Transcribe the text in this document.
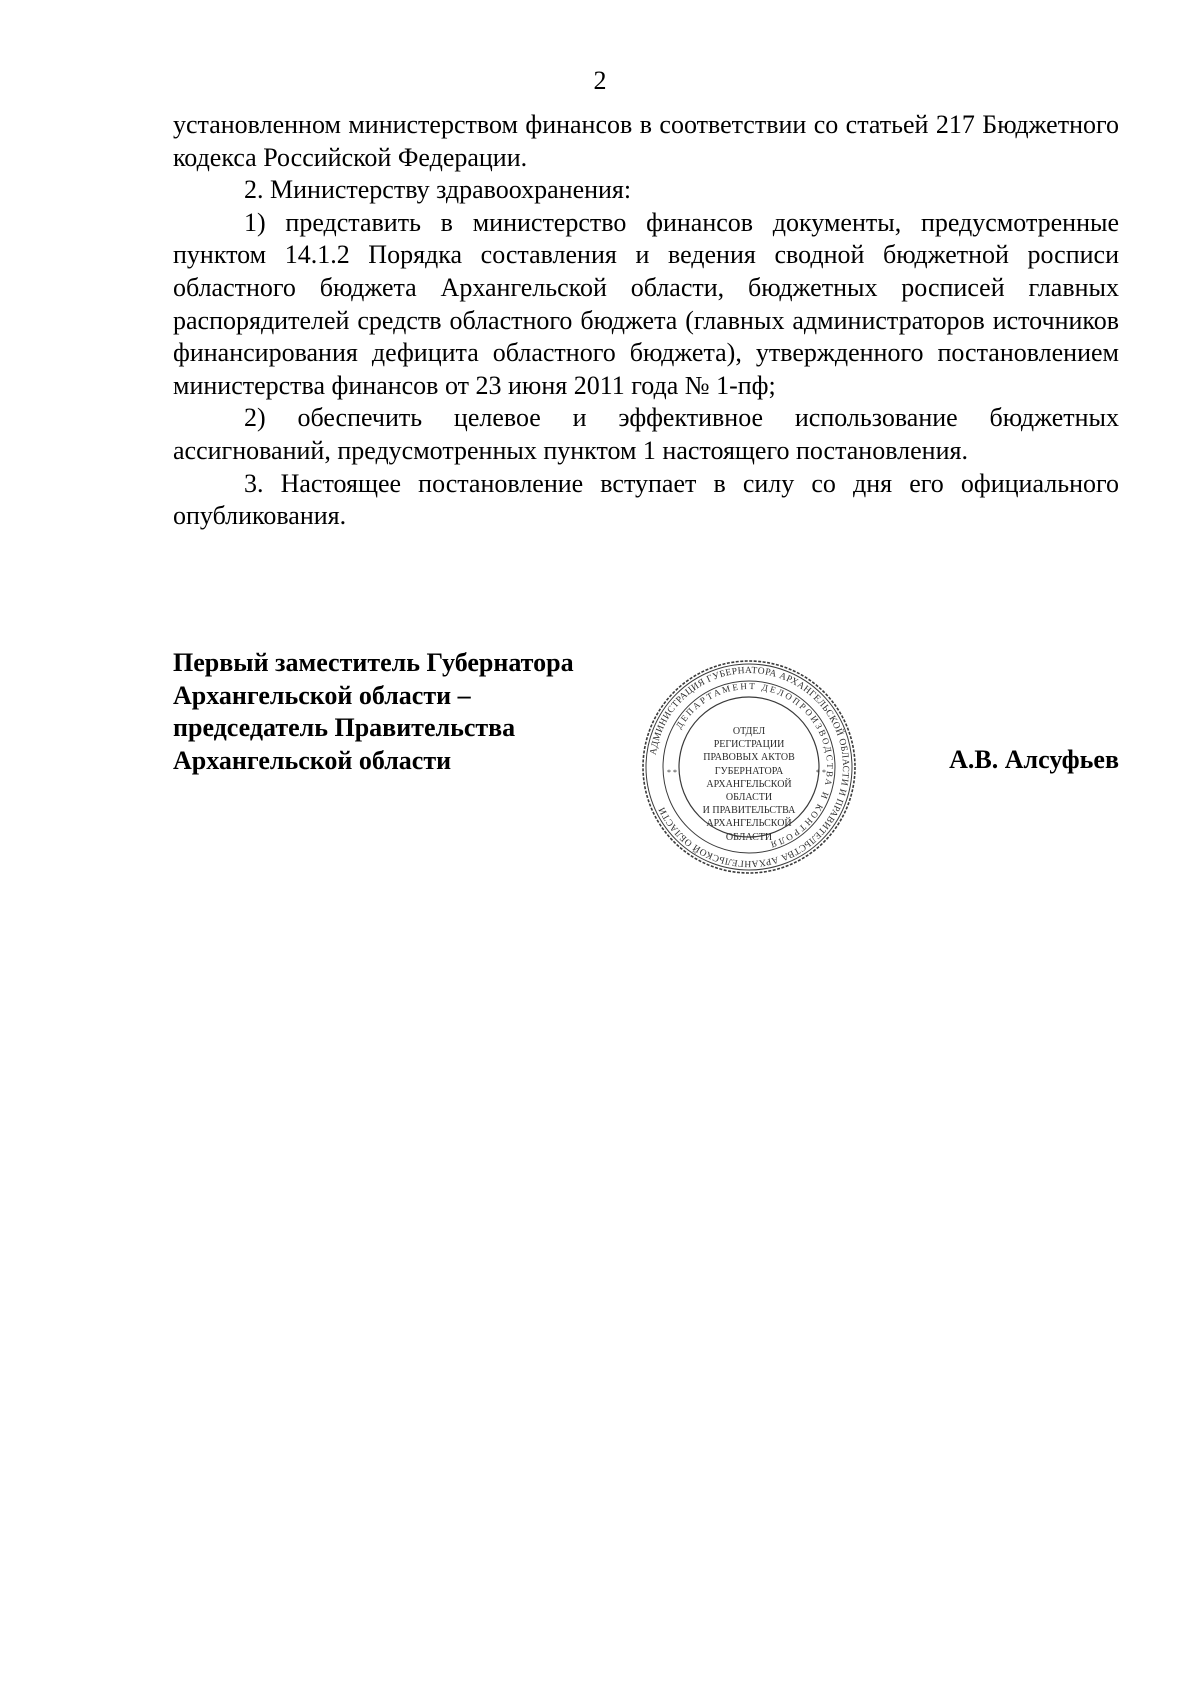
2

установленном министерством финансов в соответствии со статьей 217 Бюджетного кодекса Российской Федерации.

2. Министерству здравоохранения:

1) представить в министерство финансов документы, предусмотренные пунктом 14.1.2 Порядка составления и ведения сводной бюджетной росписи областного бюджета Архангельской области, бюджетных росписей главных распорядителей средств областного бюджета (главных администраторов источников финансирования дефицита областного бюджета), утвержденного постановлением министерства финансов от 23 июня 2011 года № 1-пф;

2) обеспечить целевое и эффективное использование бюджетных ассигнований, предусмотренных пунктом 1 настоящего постановления.

3. Настоящее постановление вступает в силу со дня его официального опубликования.

Первый заместитель Губернатора
Архангельской области –
председатель Правительства
Архангельской области	АДМИНИСТРАЦИЯ ГУБЕРНАТОРА АРХАНГЕЛЬСКОЙ ОБЛАСТИ И ПРАВИТЕЛЬСТВА АРХАНГЕЛЬСКОЙ ОБЛАСТИ
ДЕПАРТАМЕНТ ДЕЛОПРОИЗВОДСТВА И КОНТРОЛЯ
* *	* *
ОТДЕЛ
РЕГИСТРАЦИИ
ПРАВОВЫХ АКТОВ
ГУБЕРНАТОРА
АРХАНГЕЛЬСКОЙ
ОБЛАСТИ
И ПРАВИТЕЛЬСТВА
АРХАНГЕЛЬСКОЙ
ОБЛАСТИ
А.В. Алсуфьев
